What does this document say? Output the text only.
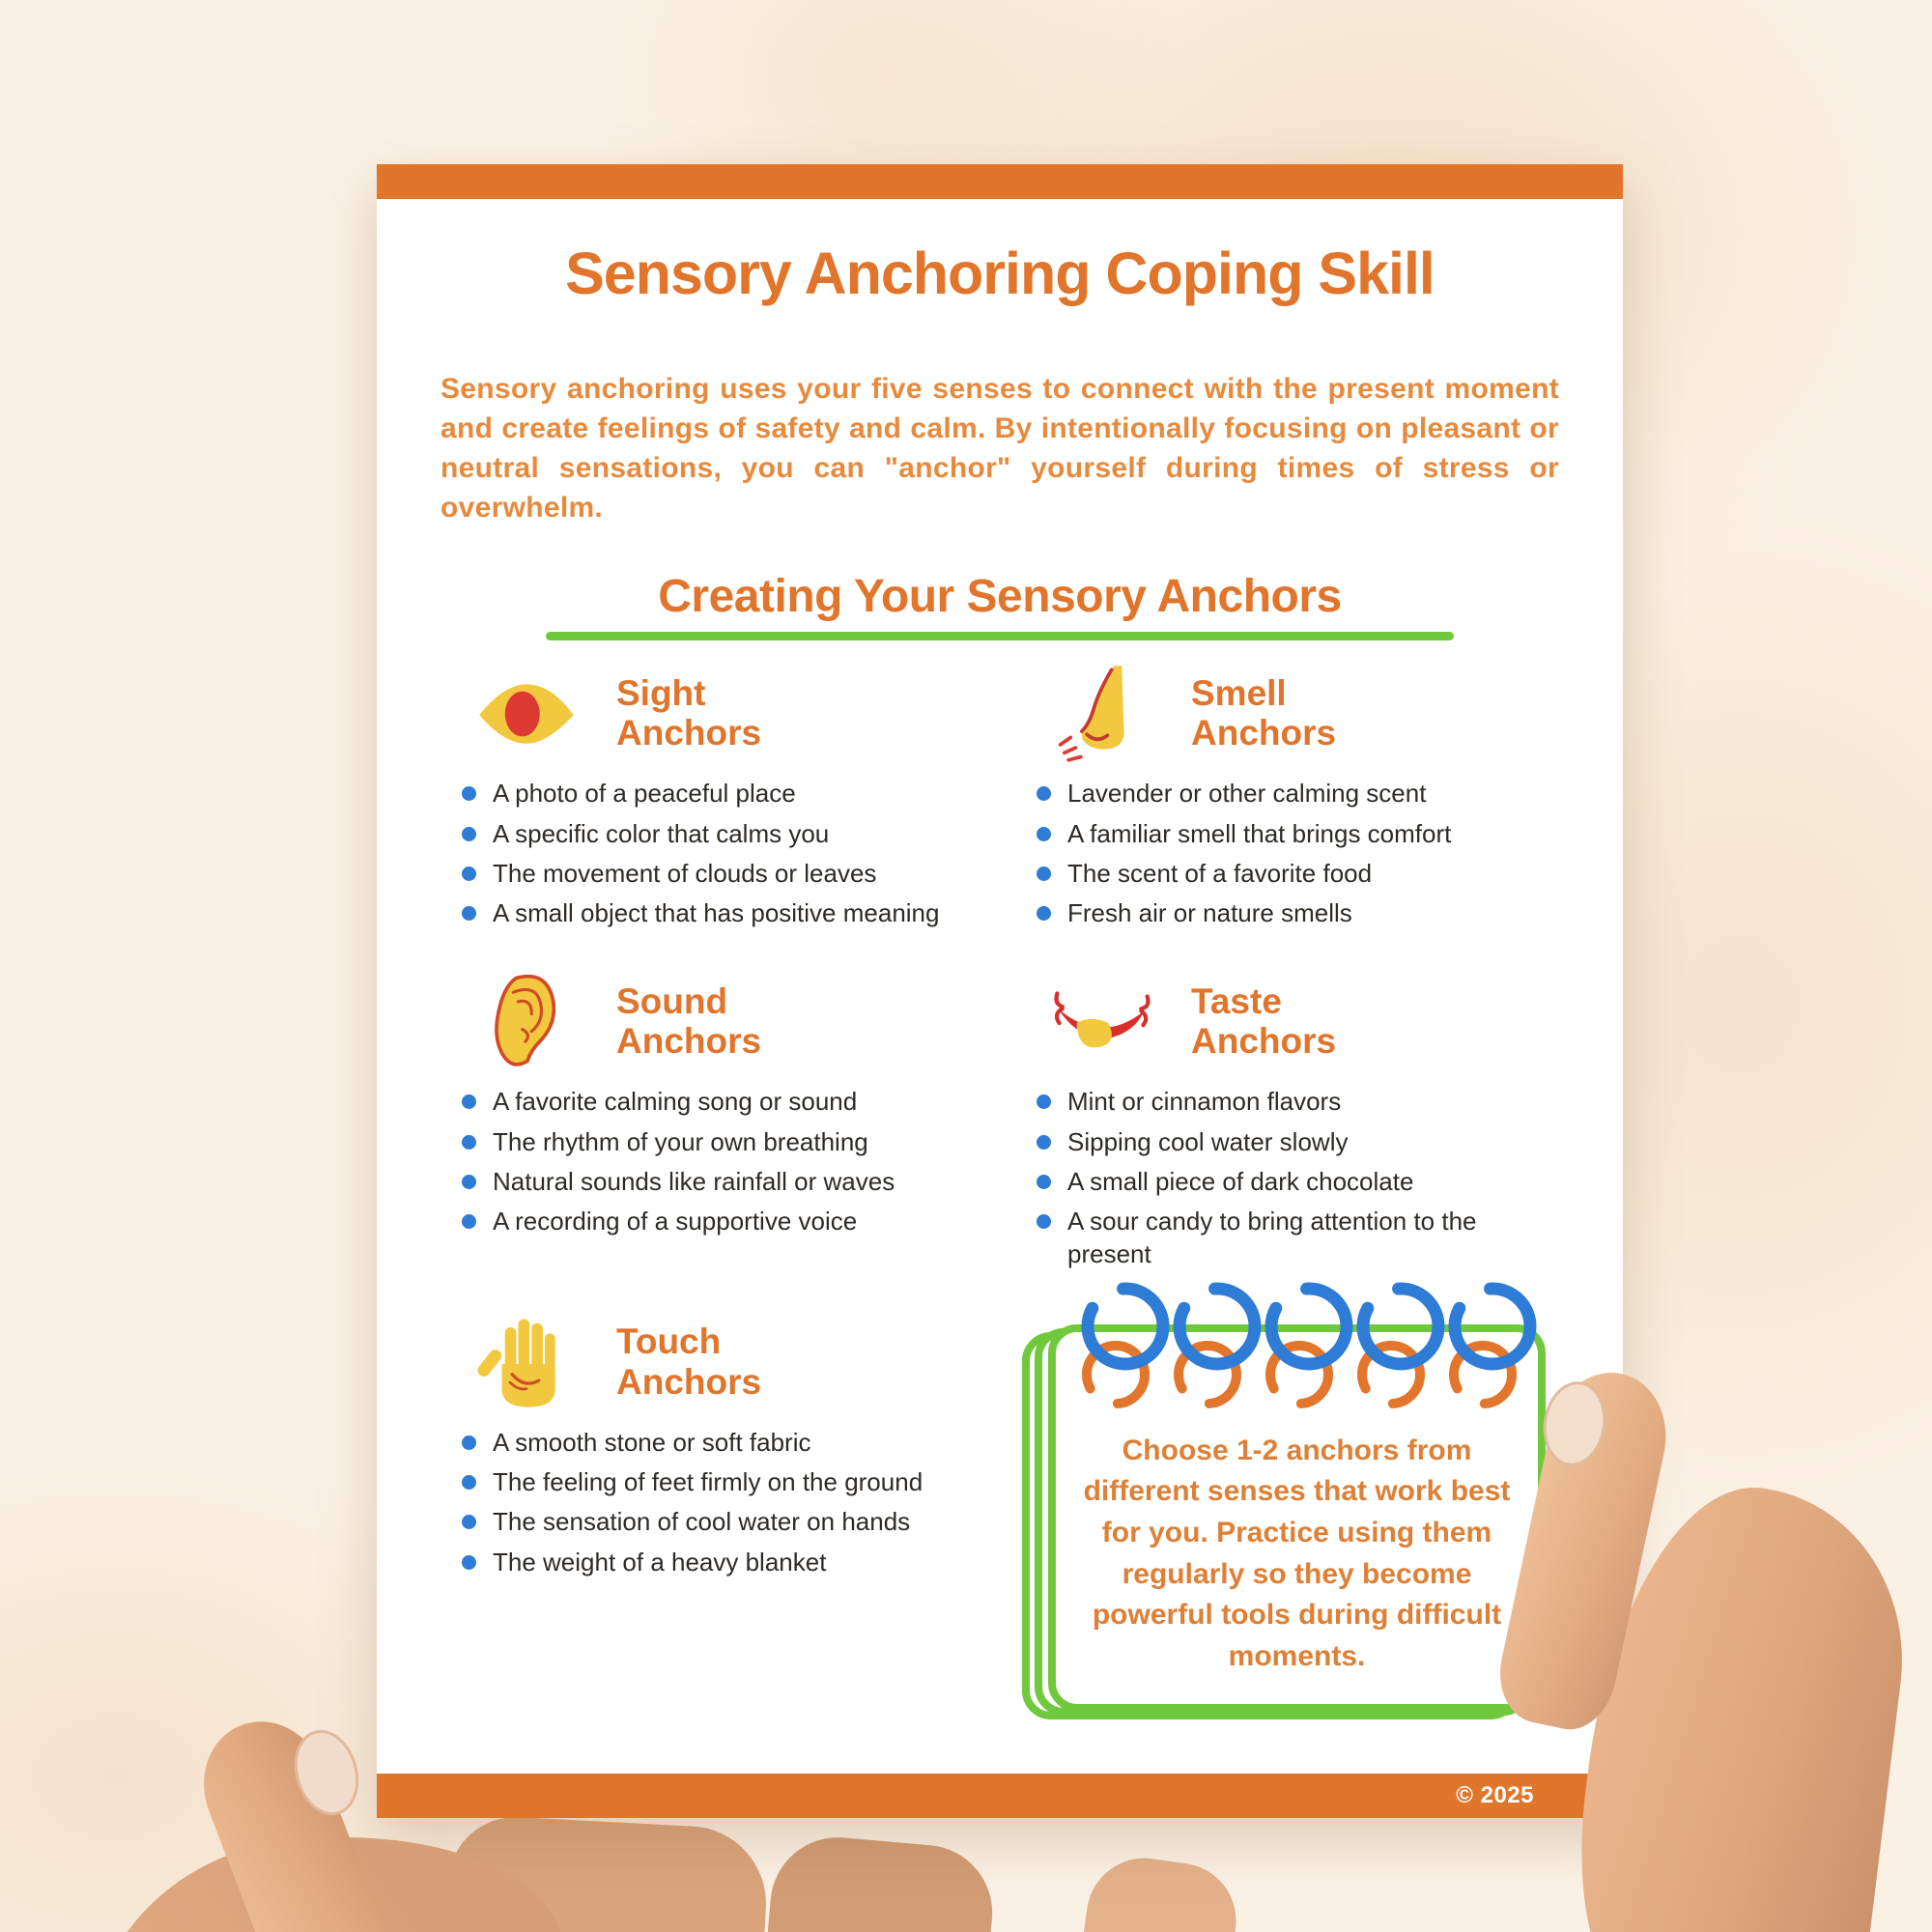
Sensory Anchoring Coping Skill

Sensory anchoring uses your five senses to connect with the present moment and create feelings of safety and calm. By intentionally focusing on pleasant or neutral sensations, you can "anchor" yourself during times of stress or overwhelm.

Creating Your Sensory Anchors
Sight Anchors
A photo of a peaceful place
A specific color that calms you
The movement of clouds or leaves
A small object that has positive meaning
Smell Anchors
Lavender or other calming scent
A familiar smell that brings comfort
The scent of a favorite food
Fresh air or nature smells
Sound Anchors
A favorite calming song or sound
The rhythm of your own breathing
Natural sounds like rainfall or waves
A recording of a supportive voice
Taste Anchors
Mint or cinnamon flavors
Sipping cool water slowly
A small piece of dark chocolate
A sour candy to bring attention to the present
Touch Anchors
A smooth stone or soft fabric
The feeling of feet firmly on the ground
The sensation of cool water on hands
The weight of a heavy blanket

Choose 1-2 anchors from different senses that work best for you. Practice using them regularly so they become powerful tools during difficult moments.

© 2025
